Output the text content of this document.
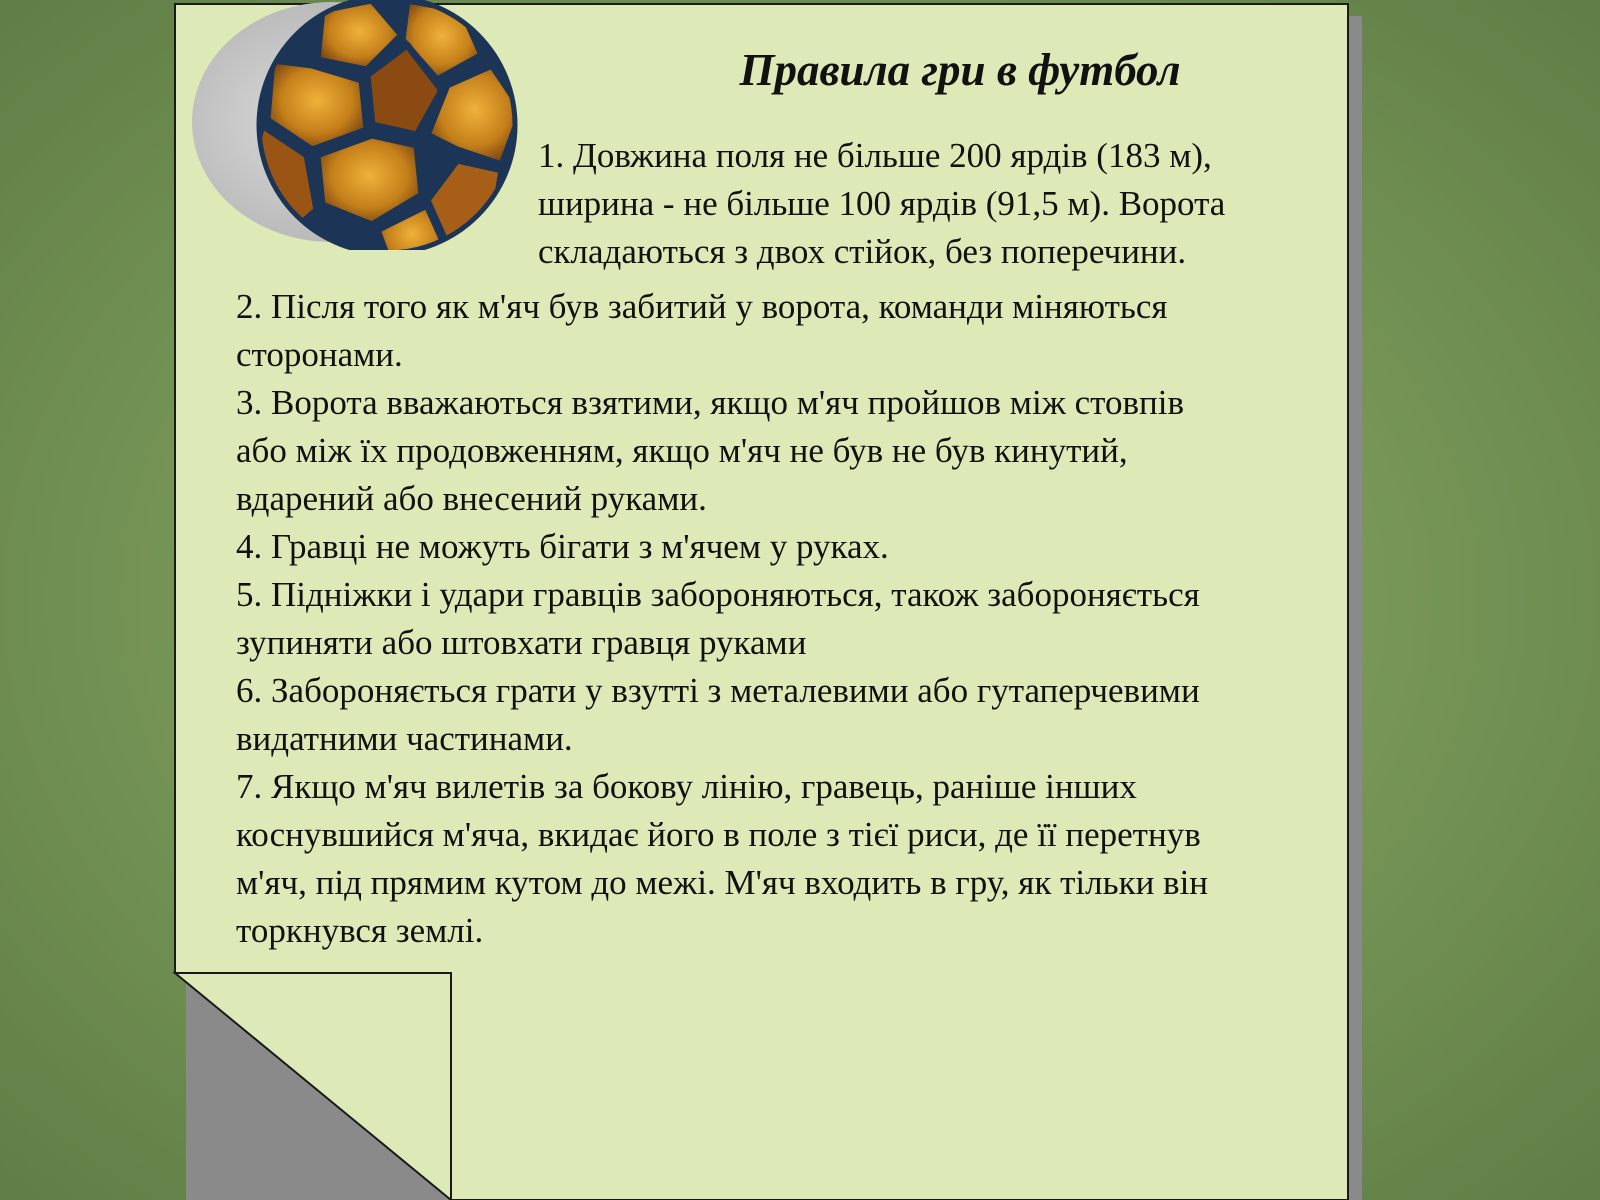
Правила гри в футбол
1. Довжина поля не більше 200 ярдів (183 м),
ширина - не більше 100 ярдів (91,5 м). Ворота
складаються з двох стійок, без поперечини.
2. Після того як м'яч був забитий у ворота, команди міняються
сторонами.
3. Ворота вважаються взятими, якщо м'яч пройшов між стовпів
або між їх продовженням, якщо м'яч не був не був кинутий,
вдарений або внесений руками.
4. Гравці не можуть бігати з м'ячем у руках.
5. Підніжки і удари гравців забороняються, також забороняється
зупиняти або штовхати гравця руками
6. Забороняється грати у взутті з металевими або гутаперчевими
видатними частинами.
7. Якщо м'яч вилетів за бокову лінію, гравець, раніше інших
коснувшийся м'яча, вкидає його в поле з тієї риси, де її перетнув
м'яч, під прямим кутом до межі. М'яч входить в гру, як тільки він
торкнувся землі.
